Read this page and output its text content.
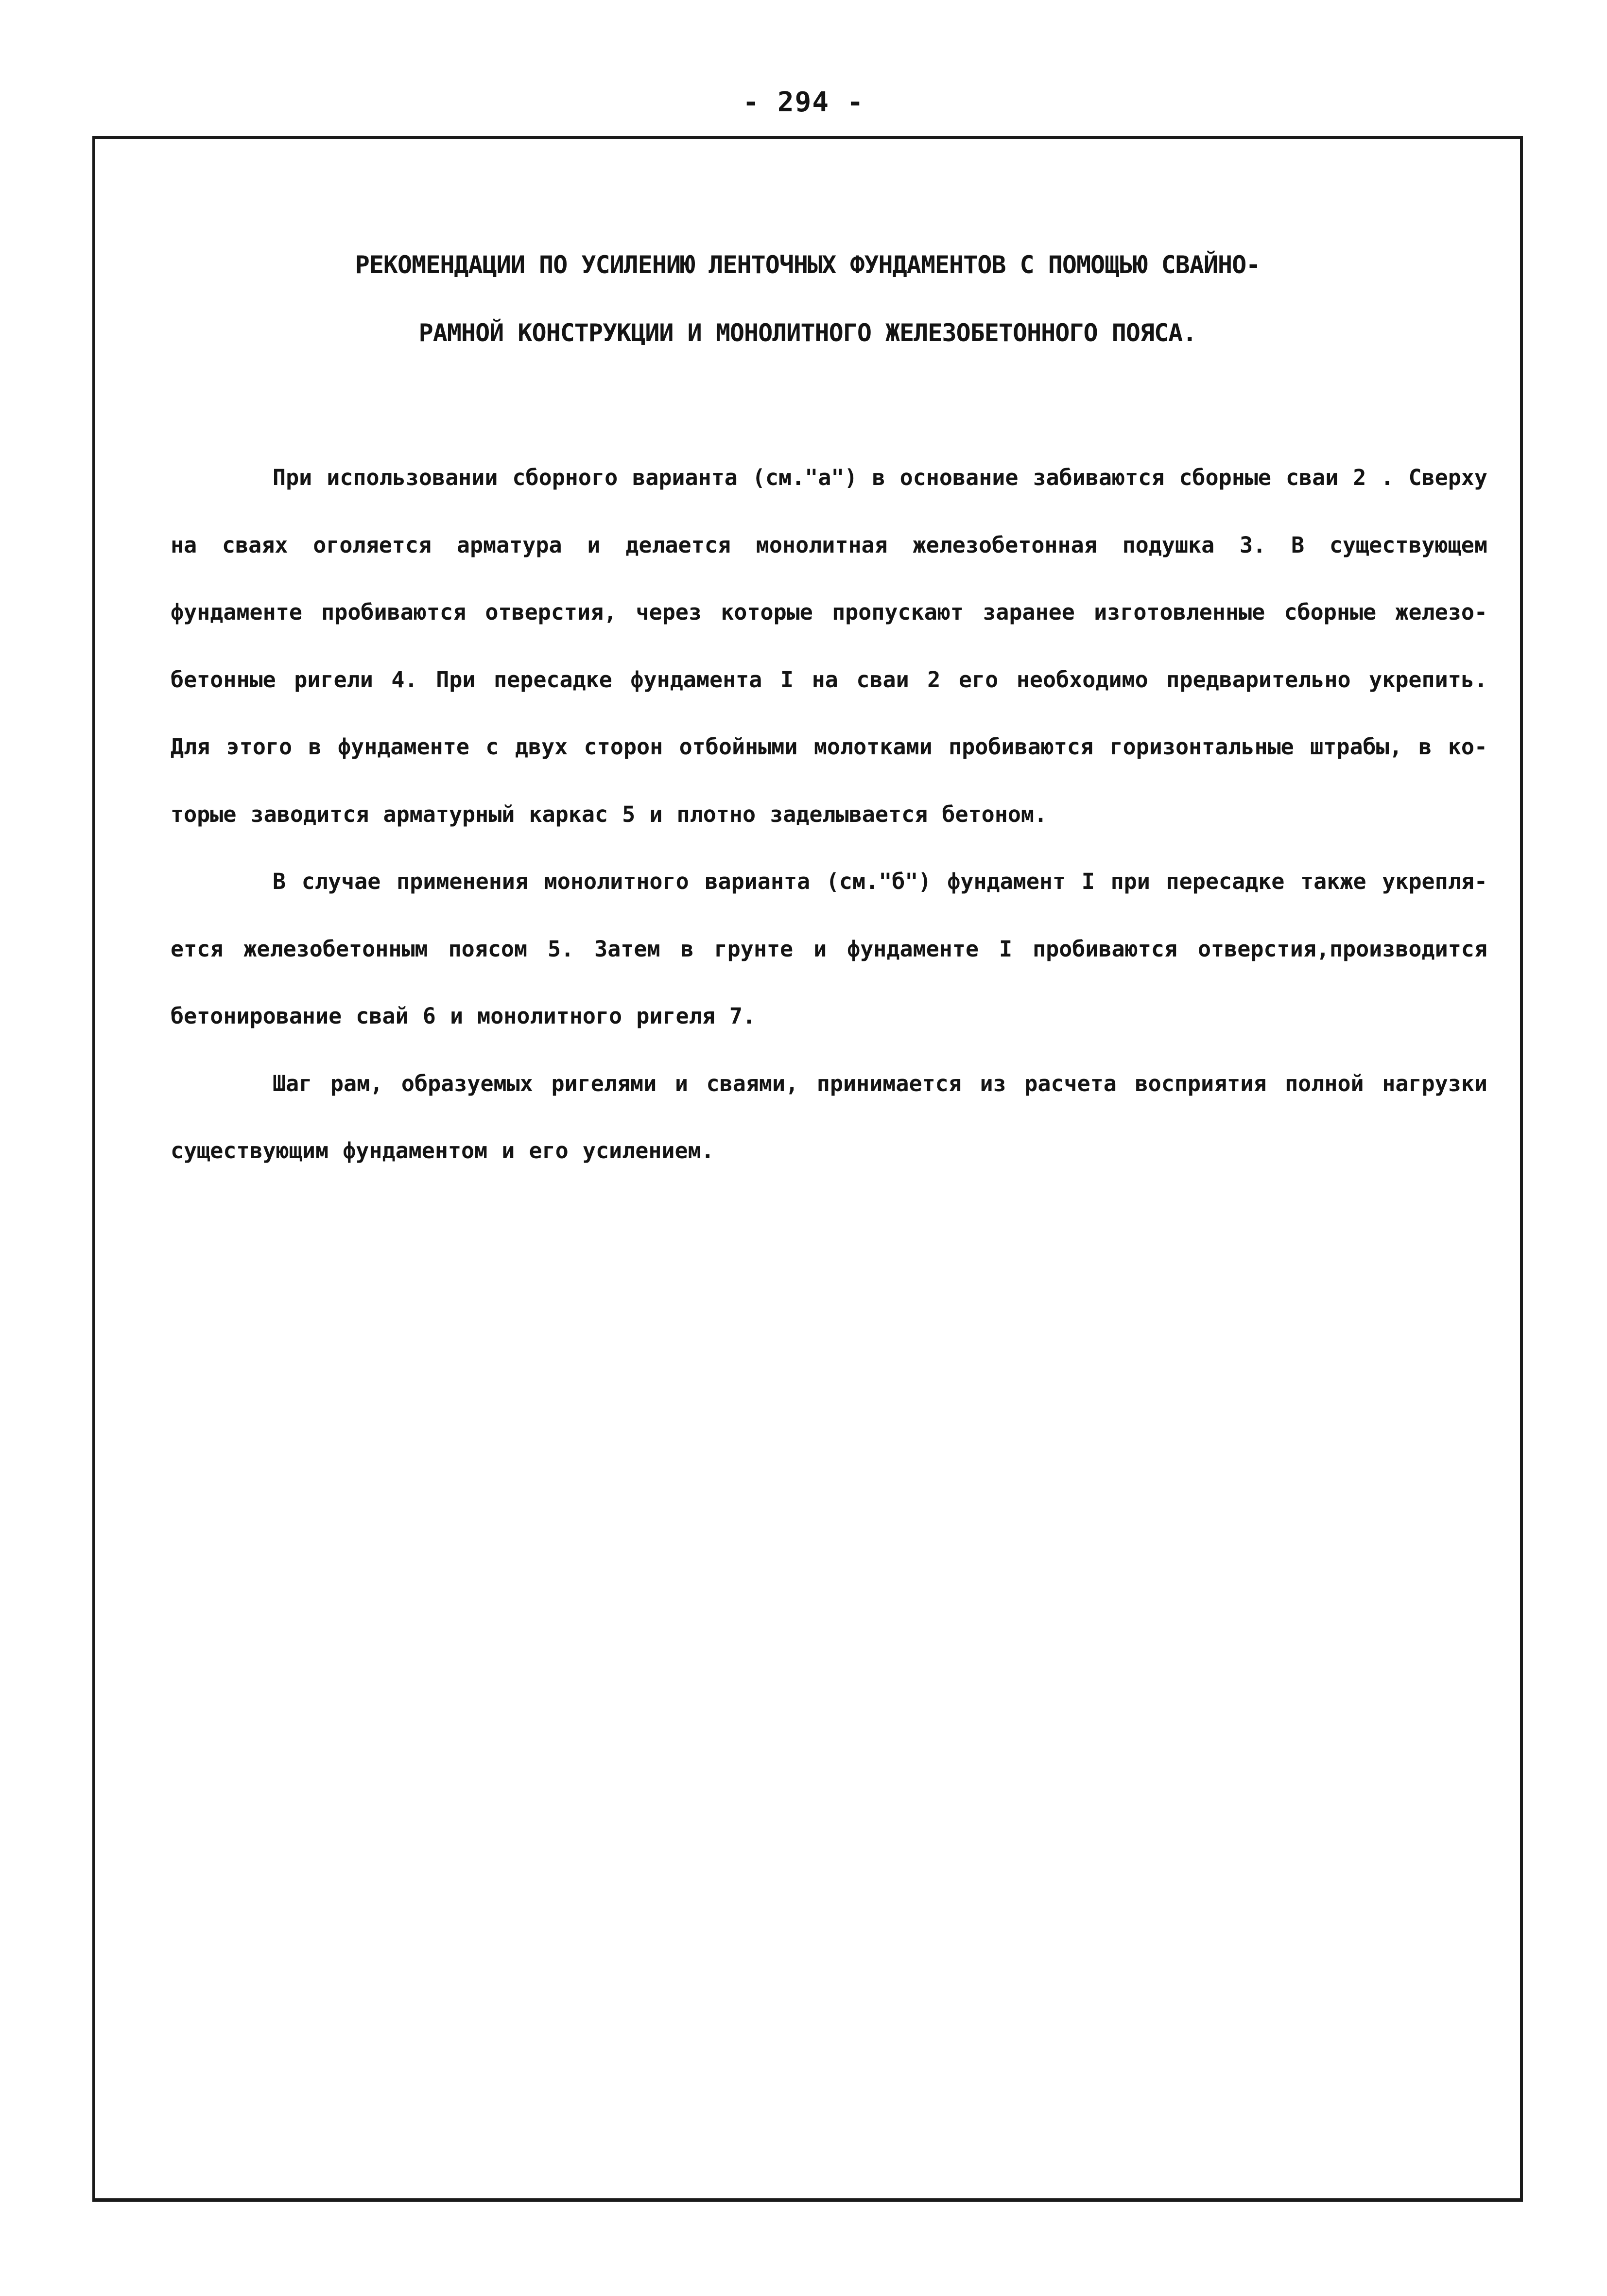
- 294 -
РЕКОМЕНДАЦИИ ПО УСИЛЕНИЮ ЛЕНТОЧНЫХ ФУНДАМЕНТОВ С ПОМОЩЬЮ СВАЙНО-
РАМНОЙ КОНСТРУКЦИИ И МОНОЛИТНОГО ЖЕЛЕЗОБЕТОННОГО ПОЯСА.

При использовании сборного варианта (см."а") в основание забиваются сборные сваи 2 . Сверху на сваях оголяется арматура и делается монолитная железобетонная подушка 3. В существующем фундаменте пробиваются отверстия, через которые пропускают заранее изготовленные сборные железо-бетонные ригели 4. При пересадке фундамента I на сваи 2 его необходимо предварительно укрепить. Для этого в фундаменте с двух сторон отбойными молотками пробиваются горизонтальные штрабы, в ко-торые заводится арматурный каркас 5 и плотно заделывается бетоном.

В случае применения монолитного варианта (см."б") фундамент I при пересадке также укрепля-ется железобетонным поясом 5. Затем в грунте и фундаменте I пробиваются отверстия,производится бетонирование свай 6 и монолитного ригеля 7.

Шаг рам, образуемых ригелями и сваями, принимается из расчета восприятия полной нагрузки существующим фундаментом и его усилением.
